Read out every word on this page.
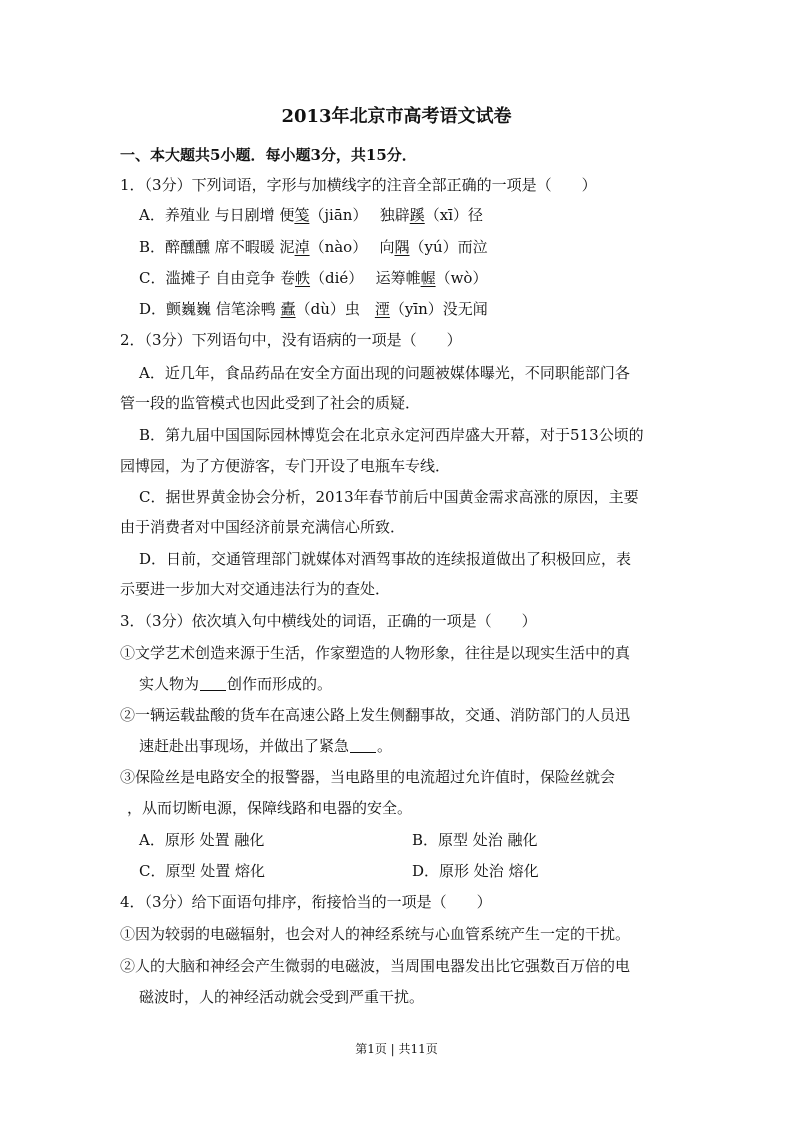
2013年北京市高考语文试卷
一、本大题共5小题．每小题3分，共15分．
1．（3分）下列词语，字形与加横线字的注音全部正确的一项是（　　）
A．养殖业 与日剧增 便笺（jiān）　 独辟蹊（xī）径
B．醉醺醺 席不暇暖 泥淖（nào）　 向隅（yú）而泣
C．滥摊子 自由竞争 卷帙（dié）　 运筹帷幄（wò）
D．颤巍巍 信笔涂鸭 蠹（dù）虫　湮（yīn）没无闻
2．（3分）下列语句中，没有语病的一项是（　　）
A．近几年，食品药品在安全方面出现的问题被媒体曝光，不同职能部门各
管一段的监管模式也因此受到了社会的质疑．
B．第九届中国国际园林博览会在北京永定河西岸盛大开幕，对于513公顷的
园博园，为了方便游客，专门开设了电瓶车专线．
C．据世界黄金协会分析，2013年春节前后中国黄金需求高涨的原因，主要
由于消费者对中国经济前景充满信心所致．
D．日前，交通管理部门就媒体对酒驾事故的连续报道做出了积极回应，表
示要进一步加大对交通违法行为的查处．
3．（3分）依次填入句中横线处的词语，正确的一项是（　　）
①文学艺术创造来源于生活，作家塑造的人物形象，往往是以现实生活中的真
实人物为 创作而形成的。
②一辆运载盐酸的货车在高速公路上发生侧翻事故，交通、消防部门的人员迅
速赶赴出事现场，并做出了紧急 。
③保险丝是电路安全的报警器，当电路里的电流超过允许值时，保险丝就会
，从而切断电源，保障线路和电器的安全。
A．原形 处置 融化	B．原型 处治 融化
C．原型 处置 熔化	D．原形 处治 熔化
4．（3分）给下面语句排序，衔接恰当的一项是（　　）
①因为较弱的电磁辐射，也会对人的神经系统与心血管系统产生一定的干扰。
②人的大脑和神经会产生微弱的电磁波，当周围电器发出比它强数百万倍的电
磁波时，人的神经活动就会受到严重干扰。
第1页 | 共11页
